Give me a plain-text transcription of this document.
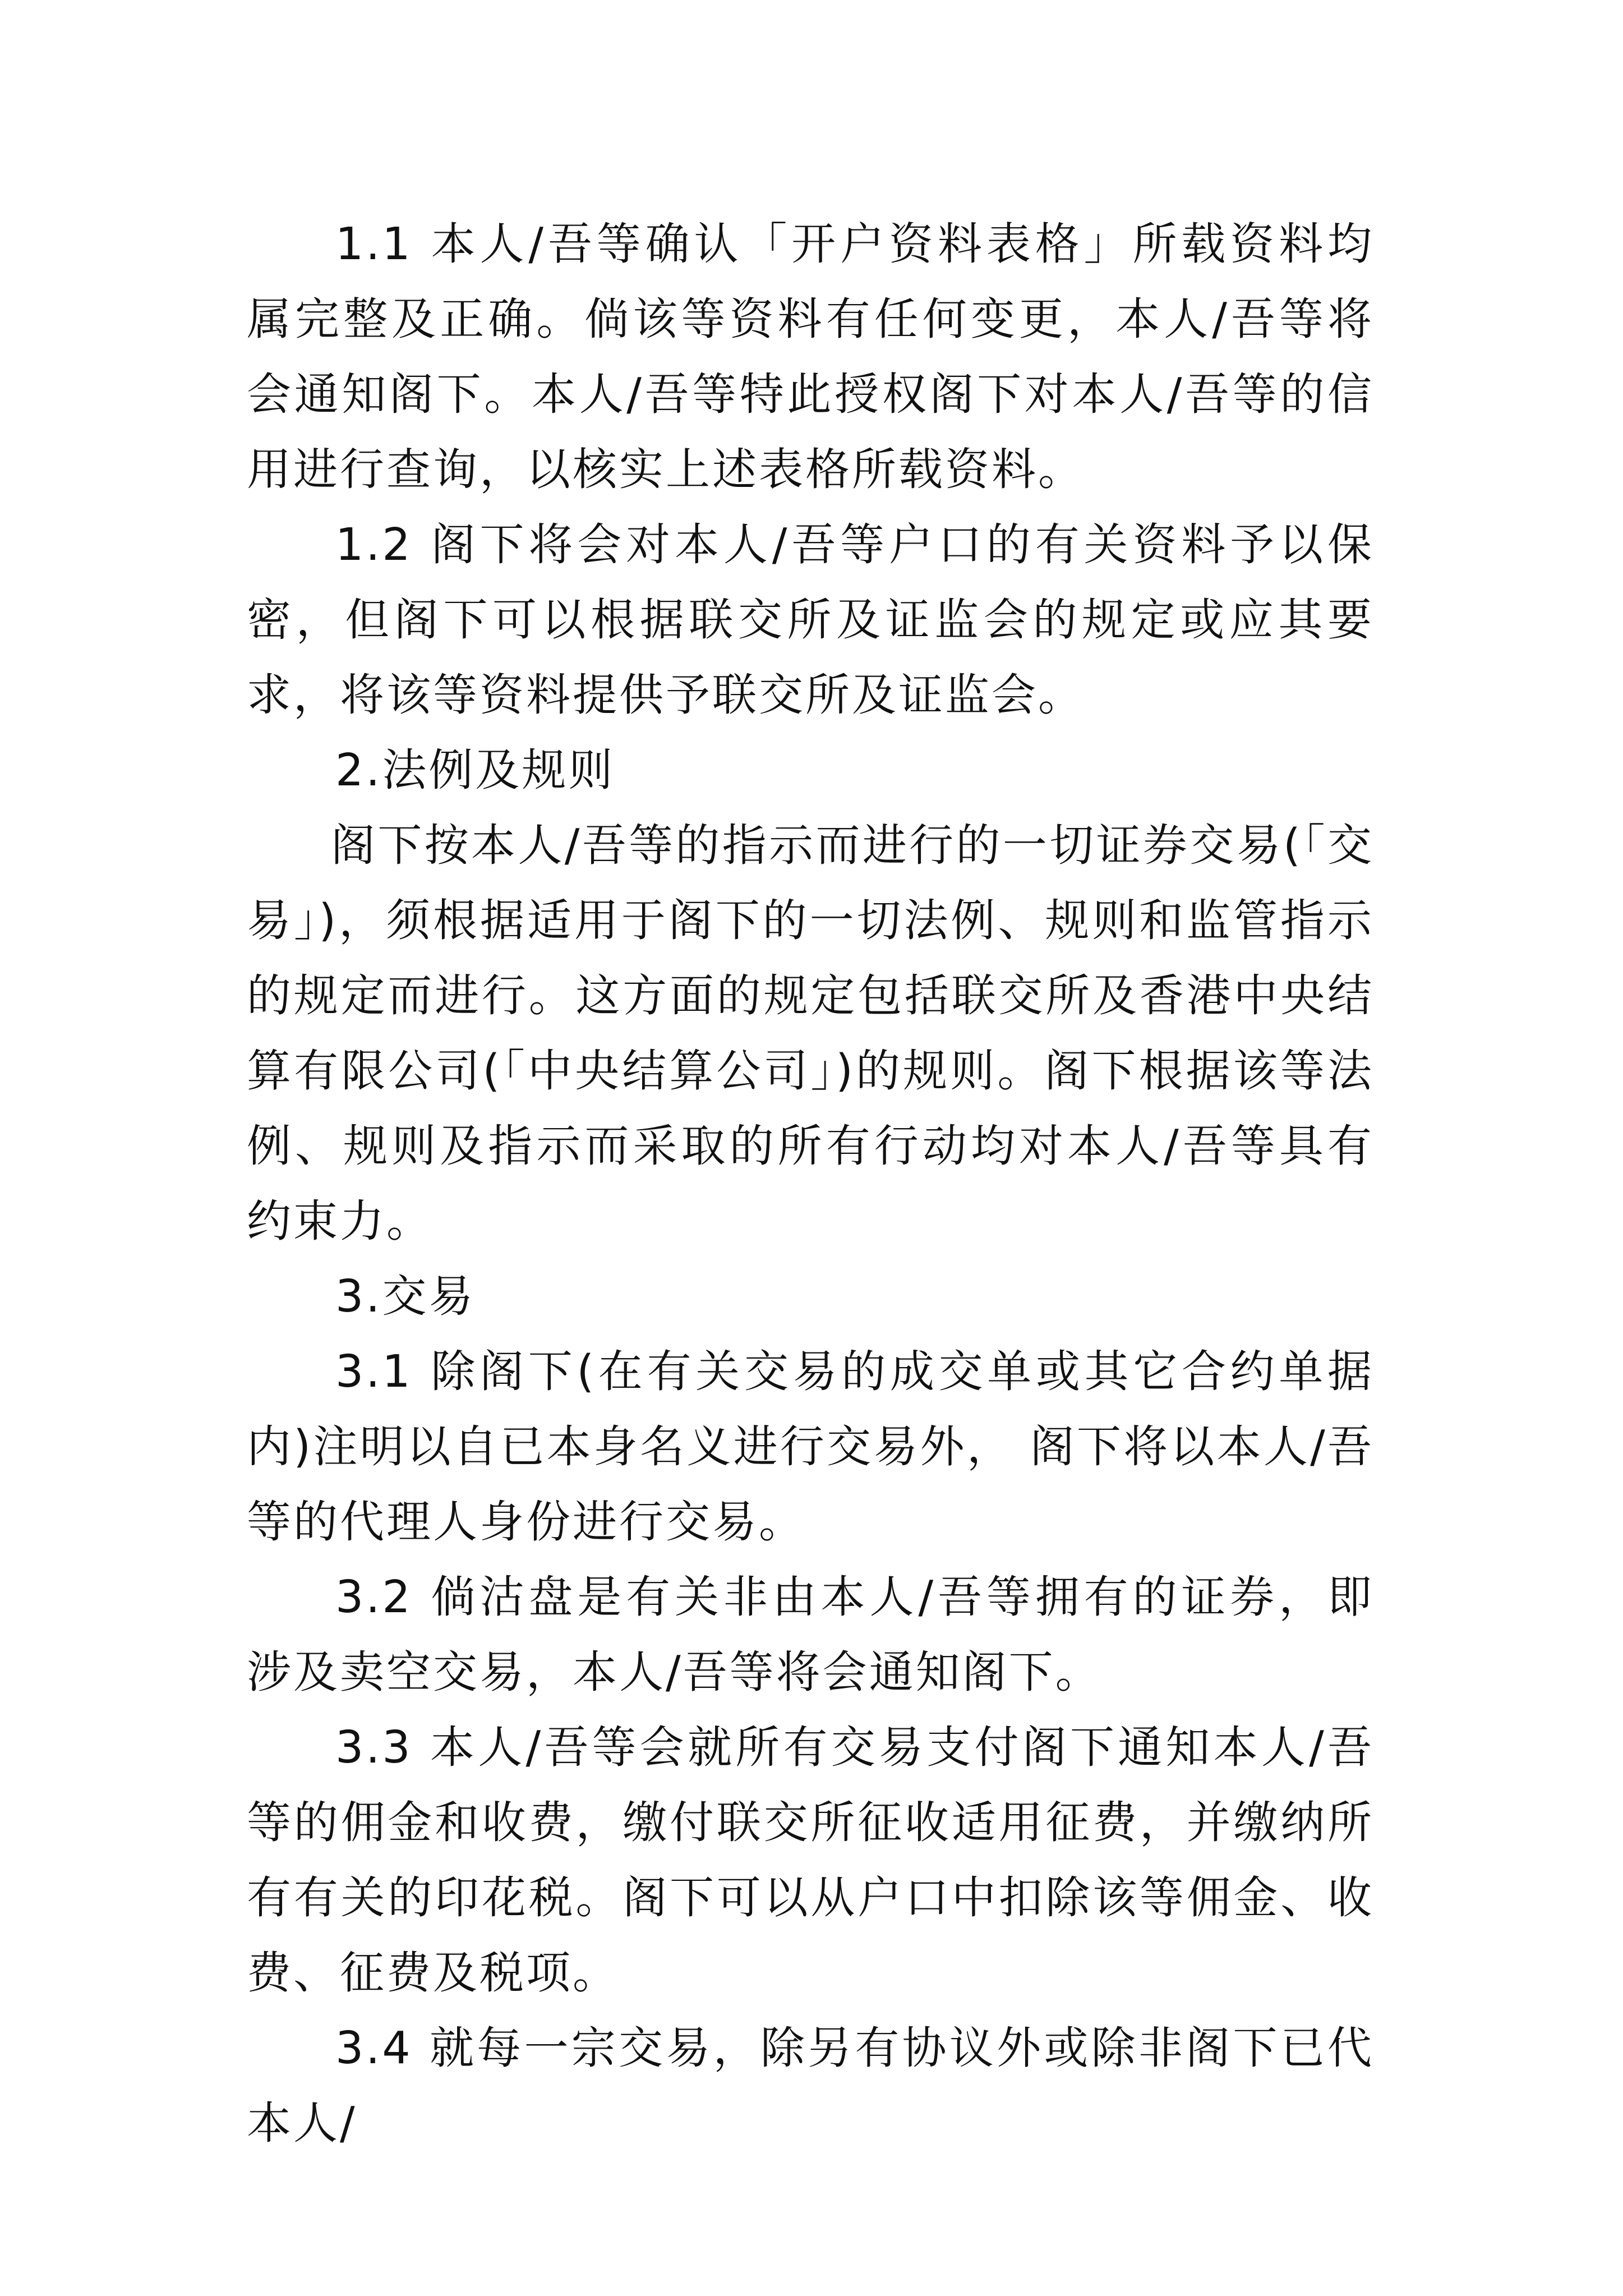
1.1 本人/吾等确认「开户资料表格」所载资料均属完整及正确。倘该等资料有任何变更，本人/吾等将会通知阁下。本人/吾等特此授权阁下对本人/吾等的信用进行查询，以核实上述表格所载资料。

1.2 阁下将会对本人/吾等户口的有关资料予以保密，但阁下可以根据联交所及证监会的规定或应其要求，将该等资料提供予联交所及证监会。

2.法例及规则

阁下按本人/吾等的指示而进行的一切证券交易(「交易」)，须根据适用于阁下的一切法例、规则和监管指示的规定而进行。这方面的规定包括联交所及香港中央结算有限公司(「中央结算公司」)的规则。阁下根据该等法例、规则及指示而采取的所有行动均对本人/吾等具有约束力。

3.交易

3.1 除阁下(在有关交易的成交单或其它合约单据内)注明以自已本身名义进行交易外， 阁下将以本人/吾等的代理人身份进行交易。

3.2 倘沽盘是有关非由本人/吾等拥有的证券，即涉及卖空交易，本人/吾等将会通知阁下。

3.3 本人/吾等会就所有交易支付阁下通知本人/吾等的佣金和收费，缴付联交所征收适用征费，并缴纳所有有关的印花税。阁下可以从户口中扣除该等佣金、收费、征费及税项。

3.4 就每一宗交易，除另有协议外或除非阁下已代本人/
